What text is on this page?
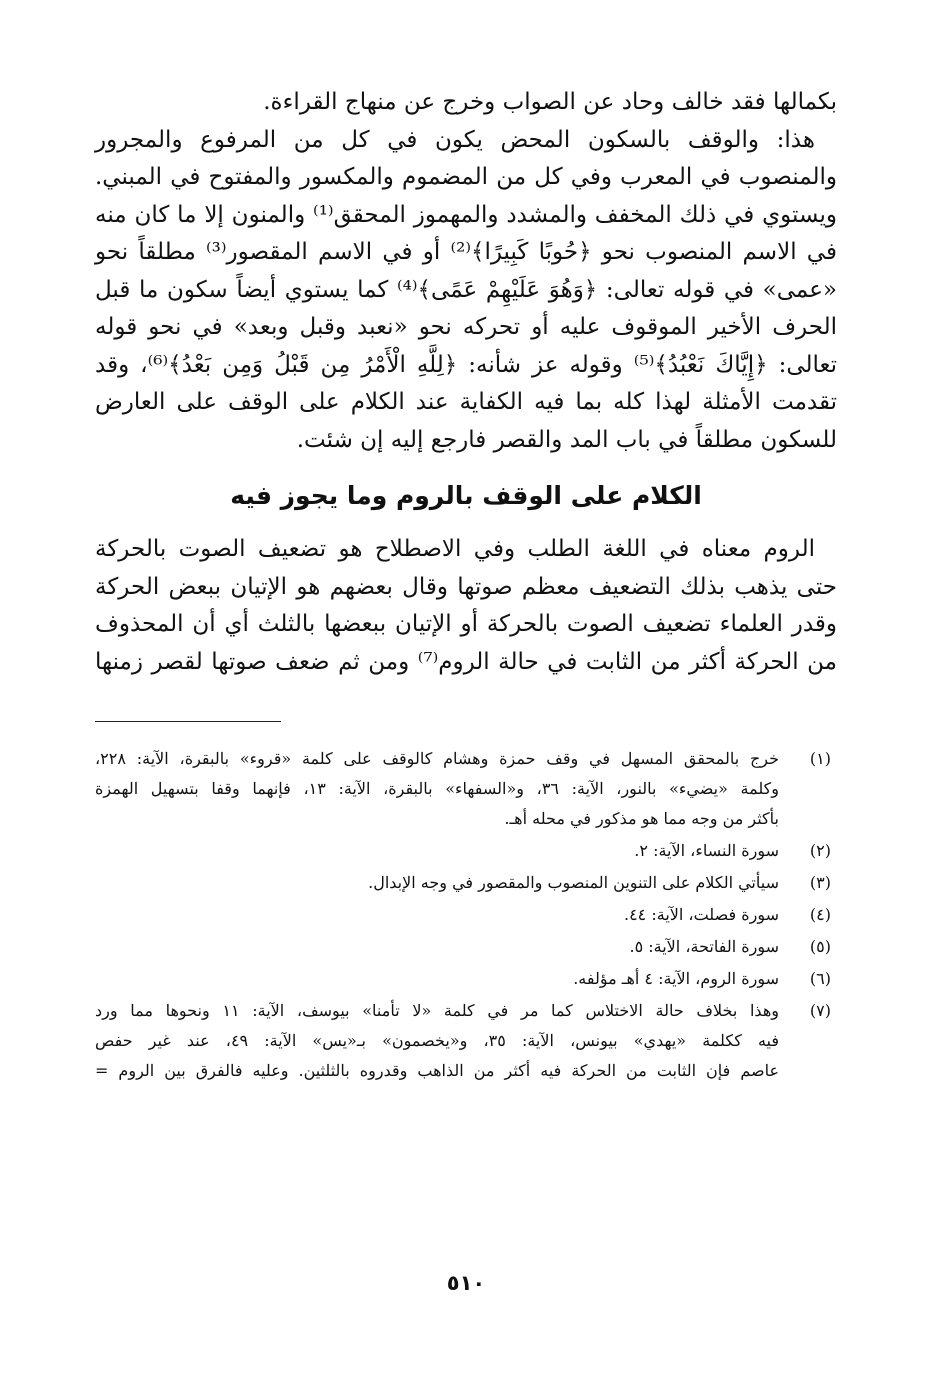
بكمالها فقد خالف وحاد عن الصواب وخرج عن منهاج القراءة.
هذا: والوقف بالسكون المحض يكون في كل من المرفوع والمجرور
والمنصوب في المعرب وفي كل من المضموم والمكسور والمفتوح في المبني.
ويستوي في ذلك المخفف والمشدد والمهموز المحقق⁽¹⁾ والمنون إلا ما كان منه
في الاسم المنصوب نحو ﴿حُوبًا كَبِيرًا﴾⁽²⁾ أو في الاسم المقصور⁽³⁾ مطلقاً نحو
«عمى» في قوله تعالى: ﴿وَهُوَ عَلَيْهِمْ عَمًى﴾⁽⁴⁾ كما يستوي أيضاً سكون ما قبل
الحرف الأخير الموقوف عليه أو تحركه نحو «نعبد وقبل وبعد» في نحو قوله
تعالى: ﴿إِيَّاكَ نَعْبُدُ﴾⁽⁵⁾ وقوله عز شأنه: ﴿لِلَّهِ الْأَمْرُ مِن قَبْلُ وَمِن بَعْدُ﴾⁽⁶⁾، وقد
تقدمت الأمثلة لهذا كله بما فيه الكفاية عند الكلام على الوقف على العارض
للسكون مطلقاً في باب المد والقصر فارجع إليه إن شئت.
الكلام على الوقف بالروم وما يجوز فيه
الروم معناه في اللغة الطلب وفي الاصطلاح هو تضعيف الصوت بالحركة
حتى يذهب بذلك التضعيف معظم صوتها وقال بعضهم هو الإتيان ببعض الحركة
وقدر العلماء تضعيف الصوت بالحركة أو الإتيان ببعضها بالثلث أي أن المحذوف
من الحركة أكثر من الثابت في حالة الروم⁽⁷⁾ ومن ثم ضعف صوتها لقصر زمنها
(١)
خرج بالمحقق المسهل في وقف حمزة وهشام كالوقف على كلمة «قروء» بالبقرة، الآية: ٢٢٨،
وكلمة «يضيء» بالنور، الآية: ٣٦، و«السفهاء» بالبقرة، الآية: ١٣، فإنهما وقفا بتسهيل الهمزة
بأكثر من وجه مما هو مذكور في محله أهـ.
(٢)
سورة النساء، الآية: ٢.
(٣)
سيأتي الكلام على التنوين المنصوب والمقصور في وجه الإبدال.
(٤)
سورة فصلت، الآية: ٤٤.
(٥)
سورة الفاتحة، الآية: ٥.
(٦)
سورة الروم، الآية: ٤ أهـ مؤلفه.
(٧)
وهذا بخلاف حالة الاختلاس كما مر في كلمة «لا تأمنا» بيوسف، الآية: ١١ ونحوها مما ورد
فيه ككلمة «يهدي» بيونس، الآية: ٣٥، و«يخصمون» بـ«يس» الآية: ٤٩، عند غير حفص
عاصم فإن الثابت من الحركة فيه أكثر من الذاهب وقدروه بالثلثين. وعليه فالفرق بين الروم =
٥١٠
